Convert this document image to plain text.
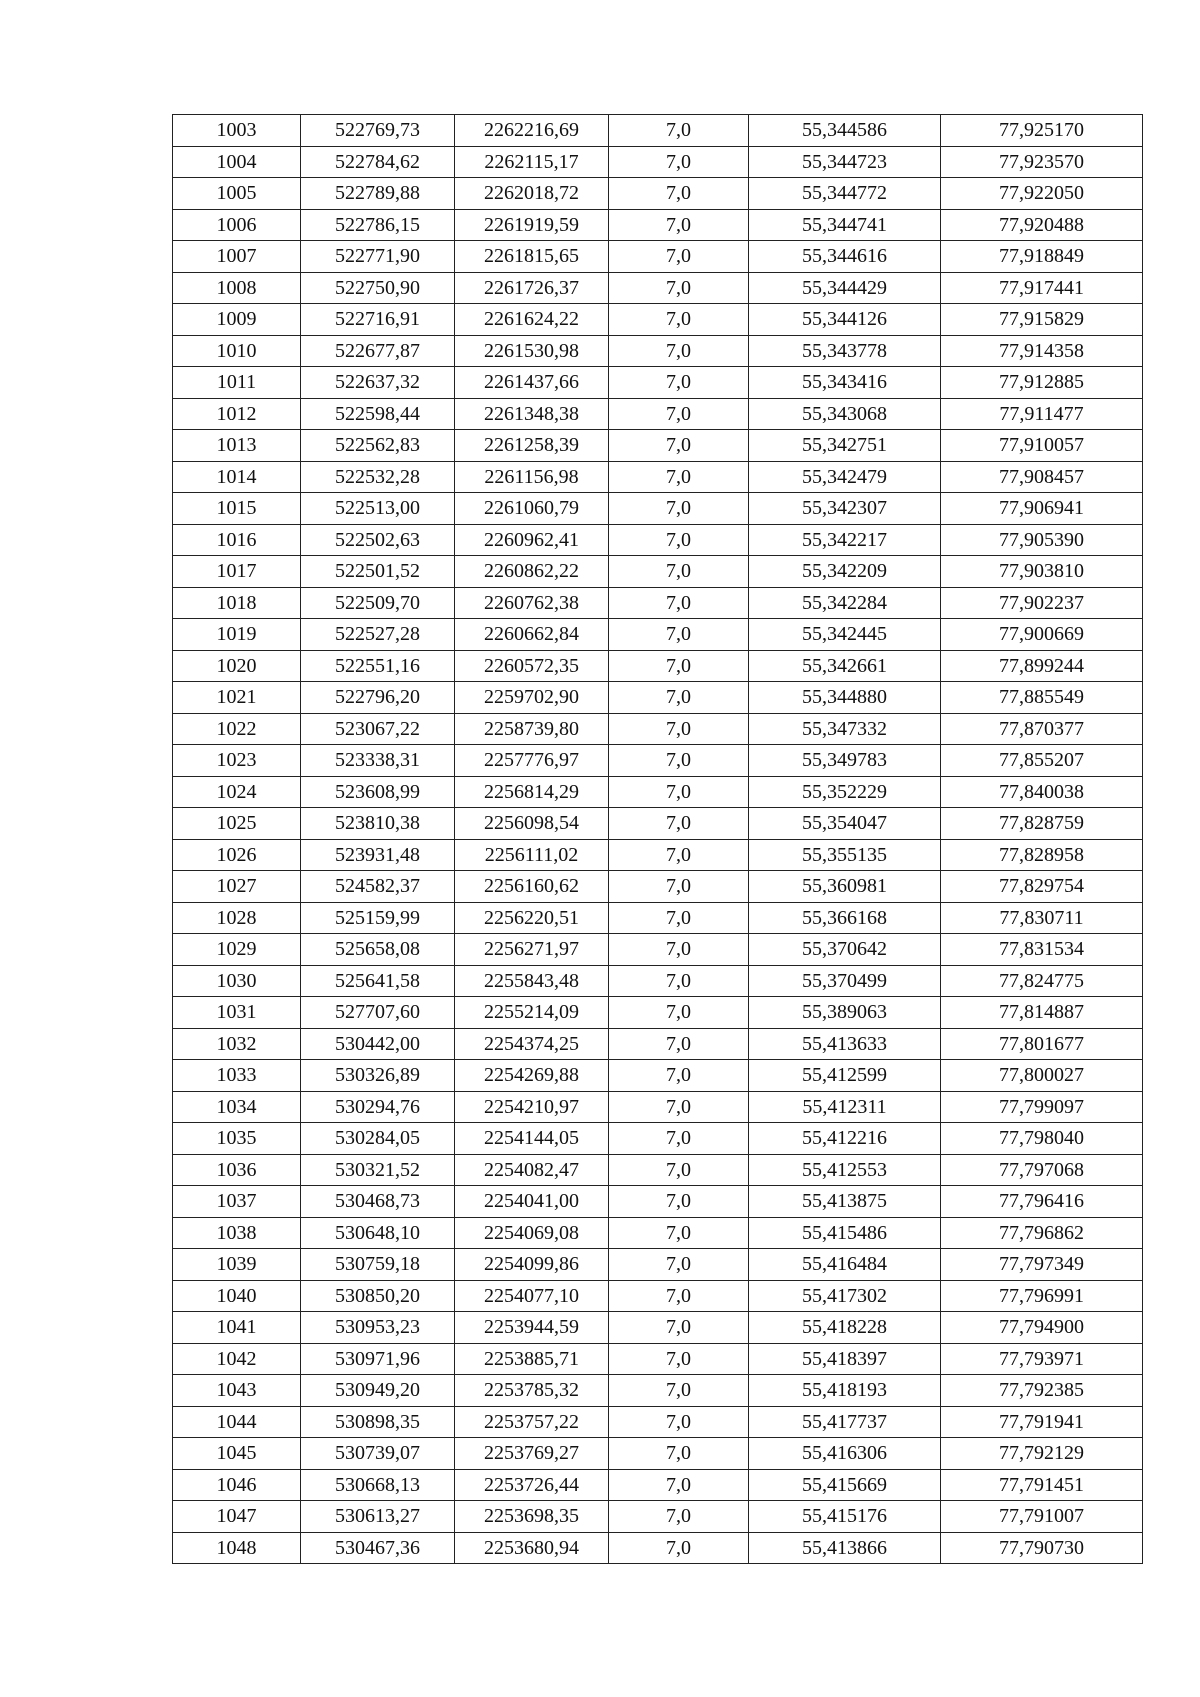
1003	522769,73	2262216,69	7,0	55,344586	77,925170
1004	522784,62	2262115,17	7,0	55,344723	77,923570
1005	522789,88	2262018,72	7,0	55,344772	77,922050
1006	522786,15	2261919,59	7,0	55,344741	77,920488
1007	522771,90	2261815,65	7,0	55,344616	77,918849
1008	522750,90	2261726,37	7,0	55,344429	77,917441
1009	522716,91	2261624,22	7,0	55,344126	77,915829
1010	522677,87	2261530,98	7,0	55,343778	77,914358
1011	522637,32	2261437,66	7,0	55,343416	77,912885
1012	522598,44	2261348,38	7,0	55,343068	77,911477
1013	522562,83	2261258,39	7,0	55,342751	77,910057
1014	522532,28	2261156,98	7,0	55,342479	77,908457
1015	522513,00	2261060,79	7,0	55,342307	77,906941
1016	522502,63	2260962,41	7,0	55,342217	77,905390
1017	522501,52	2260862,22	7,0	55,342209	77,903810
1018	522509,70	2260762,38	7,0	55,342284	77,902237
1019	522527,28	2260662,84	7,0	55,342445	77,900669
1020	522551,16	2260572,35	7,0	55,342661	77,899244
1021	522796,20	2259702,90	7,0	55,344880	77,885549
1022	523067,22	2258739,80	7,0	55,347332	77,870377
1023	523338,31	2257776,97	7,0	55,349783	77,855207
1024	523608,99	2256814,29	7,0	55,352229	77,840038
1025	523810,38	2256098,54	7,0	55,354047	77,828759
1026	523931,48	2256111,02	7,0	55,355135	77,828958
1027	524582,37	2256160,62	7,0	55,360981	77,829754
1028	525159,99	2256220,51	7,0	55,366168	77,830711
1029	525658,08	2256271,97	7,0	55,370642	77,831534
1030	525641,58	2255843,48	7,0	55,370499	77,824775
1031	527707,60	2255214,09	7,0	55,389063	77,814887
1032	530442,00	2254374,25	7,0	55,413633	77,801677
1033	530326,89	2254269,88	7,0	55,412599	77,800027
1034	530294,76	2254210,97	7,0	55,412311	77,799097
1035	530284,05	2254144,05	7,0	55,412216	77,798040
1036	530321,52	2254082,47	7,0	55,412553	77,797068
1037	530468,73	2254041,00	7,0	55,413875	77,796416
1038	530648,10	2254069,08	7,0	55,415486	77,796862
1039	530759,18	2254099,86	7,0	55,416484	77,797349
1040	530850,20	2254077,10	7,0	55,417302	77,796991
1041	530953,23	2253944,59	7,0	55,418228	77,794900
1042	530971,96	2253885,71	7,0	55,418397	77,793971
1043	530949,20	2253785,32	7,0	55,418193	77,792385
1044	530898,35	2253757,22	7,0	55,417737	77,791941
1045	530739,07	2253769,27	7,0	55,416306	77,792129
1046	530668,13	2253726,44	7,0	55,415669	77,791451
1047	530613,27	2253698,35	7,0	55,415176	77,791007
1048	530467,36	2253680,94	7,0	55,413866	77,790730
